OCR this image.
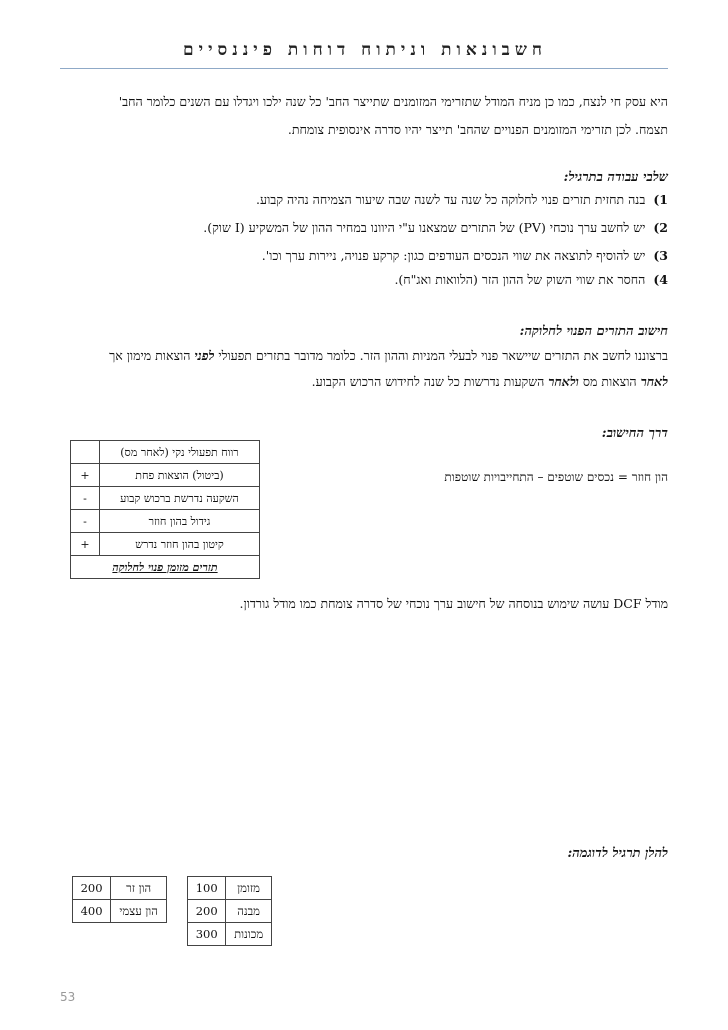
חשבונאות וניתוח דוחות פיננסיים
היא עסק חי לנצח, כמו כן מניח המודל שתזרימי המזומנים שתייצר החב' כל שנה ילכו ויגדלו עם השנים כלומר החב'
תצמח. לכן תזרימי המזומנים הפנויים שהחב' תייצר יהיו סדרה אינסופית צומחת.
שלבי עבודה בתרגיל:
1)בנה תחזית תזרים פנוי לחלוקה כל שנה עד לשנה שבה שיעור הצמיחה נהיה קבוע.
2)יש לחשב ערך נוכחי (PV) של התזרים שמצאנו ע"י היוונו במחיר ההון של המשקיע (I שוק).
3)יש להוסיף לתוצאה את שווי הנכסים העודפים כגון: קרקע פנויה, ניירות ערך וכו'.
4)החסר את שווי השוק של ההון הזר (הלוואות ואג"ח).
חישוב התזרים הפנוי לחלוקה:
ברצוננו לחשב את התזרים שיישאר פנוי לבעלי המניות וההון הזר. כלומר מדובר בתזרים תפעולי לפני הוצאות מימון אך
לאחר הוצאות מס ולאחר השקעות נדרשות כל שנה לחידוש הרכוש הקבוע.
דרך החישוב:
הון חוזר = נכסים שוטפים – התחייבויות שוטפות
רווח תפעולי נקי (לאחר מס)	
(ביטול) הוצאות פחת	+
השקעה נדרשת ברכוש קבוע	-
גידול בהון חוזר	-
קיטון בהון חוזר נדרש	+
תזרים מזומן פנוי לחלוקה	
מודל DCF עושה שימוש בנוסחה של חישוב ערך נוכחי של סדרה צומחת כמו מודל גורדון.
להלן תרגיל לדוגמה:
מזומן	100		הון זר	200
מבנה	200		הון עצמי	400
מכונות	300			
53
